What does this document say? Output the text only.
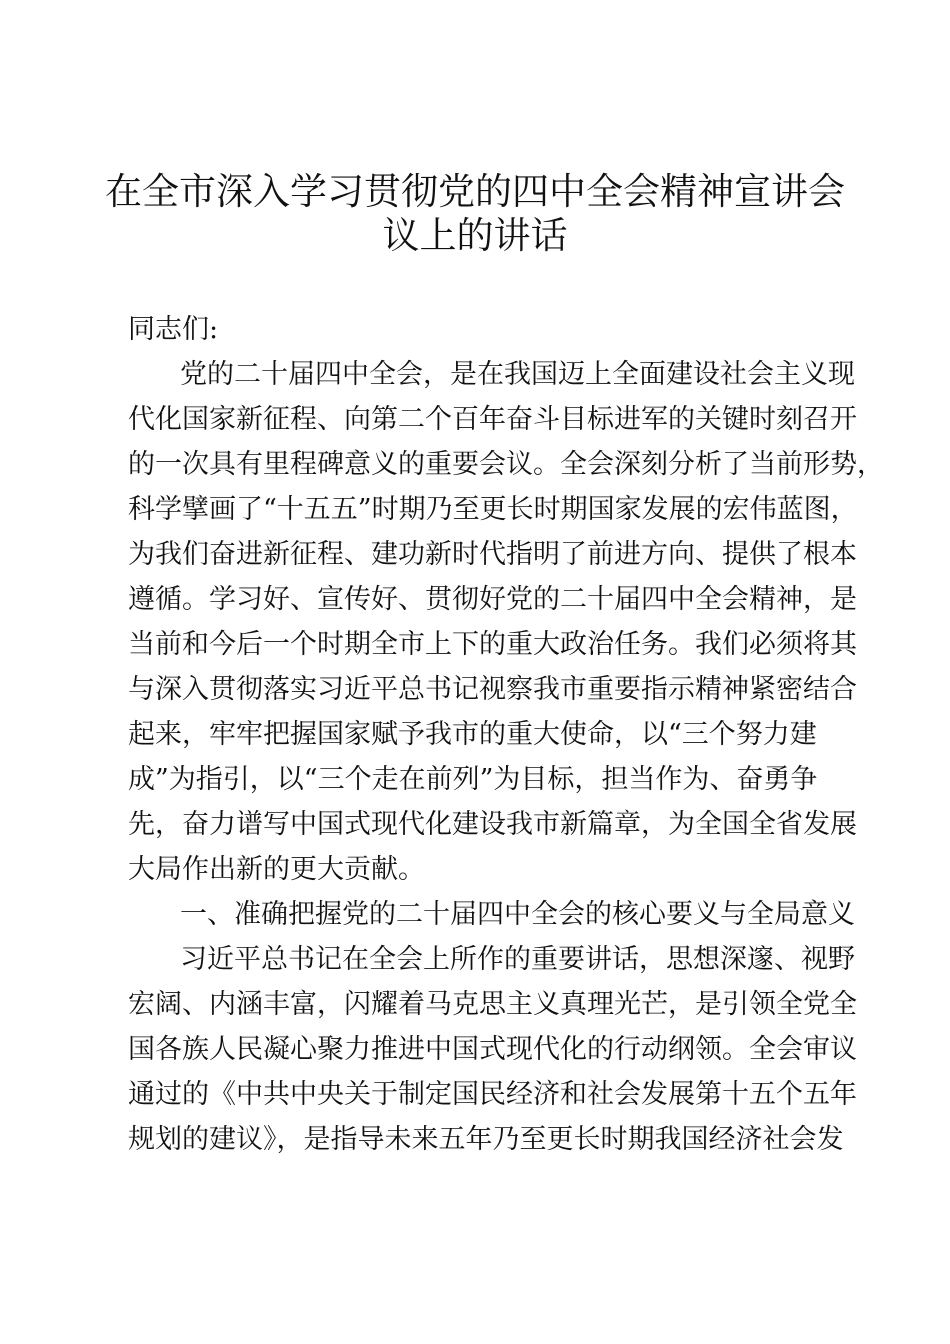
在全市深入学习贯彻党的四中全会精神宣讲会
议上的讲话
同志们:
党的二十届四中全会，是在我国迈上全面建设社会主义现
代化国家新征程、向第二个百年奋斗目标进军的关键时刻召开
的一次具有里程碑意义的重要会议。全会深刻分析了当前形势，
科学擘画了“十五五”时期乃至更长时期国家发展的宏伟蓝图，
为我们奋进新征程、建功新时代指明了前进方向、提供了根本
遵循。学习好、宣传好、贯彻好党的二十届四中全会精神，是
当前和今后一个时期全市上下的重大政治任务。我们必须将其
与深入贯彻落实习近平总书记视察我市重要指示精神紧密结合
起来，牢牢把握国家赋予我市的重大使命，以“三个努力建
成”为指引，以“三个走在前列”为目标，担当作为、奋勇争
先，奋力谱写中国式现代化建设我市新篇章，为全国全省发展
大局作出新的更大贡献。
一、准确把握党的二十届四中全会的核心要义与全局意义
习近平总书记在全会上所作的重要讲话，思想深邃、视野
宏阔、内涵丰富，闪耀着马克思主义真理光芒，是引领全党全
国各族人民凝心聚力推进中国式现代化的行动纲领。全会审议
通过的《中共中央关于制定国民经济和社会发展第十五个五年
规划的建议》，是指导未来五年乃至更长时期我国经济社会发
